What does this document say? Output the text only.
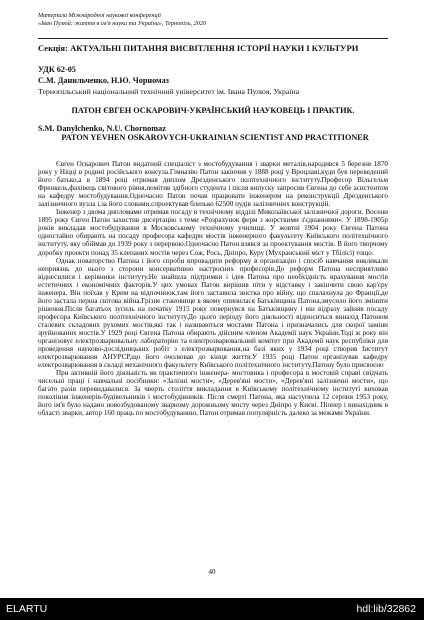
Матеріали Міжнародної наукової конференції
«Іван Пулюй: життя в ім'я науки та України», Тернопіль, 2020
Секція: АКТУАЛЬНІ ПИТАННЯ ВИСВІТЛЕННЯ ІСТОРІЇ НАУКИ І КУЛЬТУРИ
УДК 62-05
С.М. Данильченко, Н.Ю. Чорномаз
Тернопільський національний технічний університет ім. Івана Пулюя, Україна
ПАТОН ЄВГЕН ОСКАРОВИЧ-УКРАЇНСЬКИЙ НАУКОВЕЦЬ І ПРАКТИК.
S.M. Danylchenko, N.U. Chornomaz
PATON YEVHEN OSKAROVYCH-UKRAINIAN SCIENTIST AND PRACTITIONER

Євген Оскарович Патон видатний спеціаліст з мостобудування і зварки металів,народився 5 березня 1870 року у Ніцці в родині російського консула.Гімназію Патон закінчив у 1888 році у Вроцлаві,куди був переведений його батько,а в 1894 році отримав диплом Дрезденського політехнічного інституту.Професор Вільгельм Френкель,фахівець світового рівня,помітив здібного студента і після випуску запросив Євгена до себе асистентом на кафедру мостобудування.Одночасно Патон почав працювати інженером на реконструкції Дрезденського залізничного вузла і,за його словами,спроектував близько 62500 пудів залізничних конструкцій.

Інженер з двома дипломами отримав посаду в технічному відділі Миколаївської залізничної дороги. Восени 1895 року Євген Патон захистив дисертацію з теми «Розрахунок ферм з жорсткими з'єднаннями». У 1898-1905р років викладав мостобудування в Московському технічному училищі. У жовтні 1904 року Євгена Патона одностайно обирають на посаду професора кафедри мостів інженерного факультету Київського політехнічного інституту, яку обіймав до 1939 року з перервою.Одночасно Патон взявся за проектування мостів. В його творчому доробку проекти понад 35 клепаних мостів через Сож, Рось, Дніпро, Куру (Мухранський міст у Тбілісі) тощо.

Однак новаторство Патона і його спроби впровадити реформу в організацію і спосіб навчання викликали неприязнь до нього з сторони консервативно настроєних професорів.До реформ Патона несприятливо віднесилися і керівники інституту.Не знайшла підтримки і ідея Патона про необхідність врахування мостів естетичних і економічних факторів.У цих умовах Патон вирішив піти у відставку і закінчити свою кар'єру інженера. Він поїхав у Крим на відпочинок,там його заставила звістка про війну, що спалахнула до Франції,де його застала перша світова війна.Грізне становище в якому опинилася Батьківщина Патона,змусило його змінити рішення.Після багатьох зусиль на початку 1915 року повернувся на Батьківщину і він відразу зайняв посаду професора Київського політехнічного інституту.До цього періоду його діяльності відноситься винахід Патоном сталевих складових рухомих мостів,які так і називаються мостами Патона і призначались для скорої заміни зруйнованих мостів.У 1929 році Євгена Патона обирають дійсним членом Академії наук України.Тоді ж року він організовує електрозварювальну лабораторію та електрозварювальний комітет при Академії наук республіки для проведення науково-дослідницьких робіт з електрозварювання,на базі яких у 1934 році створив Інститут електрозварювання АНУРСР,що його очолював до кінця життя.У 1935 році Патон організував кафедру електрозварювання в складі механічного факультету Київського політехнічного інституту.Патону було присвоєно

При активній його діяльність як практичного інженера- мостовика і професора в мостовій справі свідчать чисельні праці і навчальні посібники: «Залізні мости», «Дерев'яні мости», «Дерев'яні залізничні мости», що багато разів перевидавалися. За чверть століття викладання в Київському політехнічному інституті виховав покоління інженерів-будівельників і мостобудівників. Після смерті Патона, яка наступила 12 серпня 1953 року, його ім'я було надано новозбудованому зварному дорожньому мосту через Дніпро у Києві. Піонер і винахідник в області зварки, автор 160 праць по мостобудуванню, Патон отримав популярність далеко за межами України.

40
ELARTU	hdl:lib/32862
